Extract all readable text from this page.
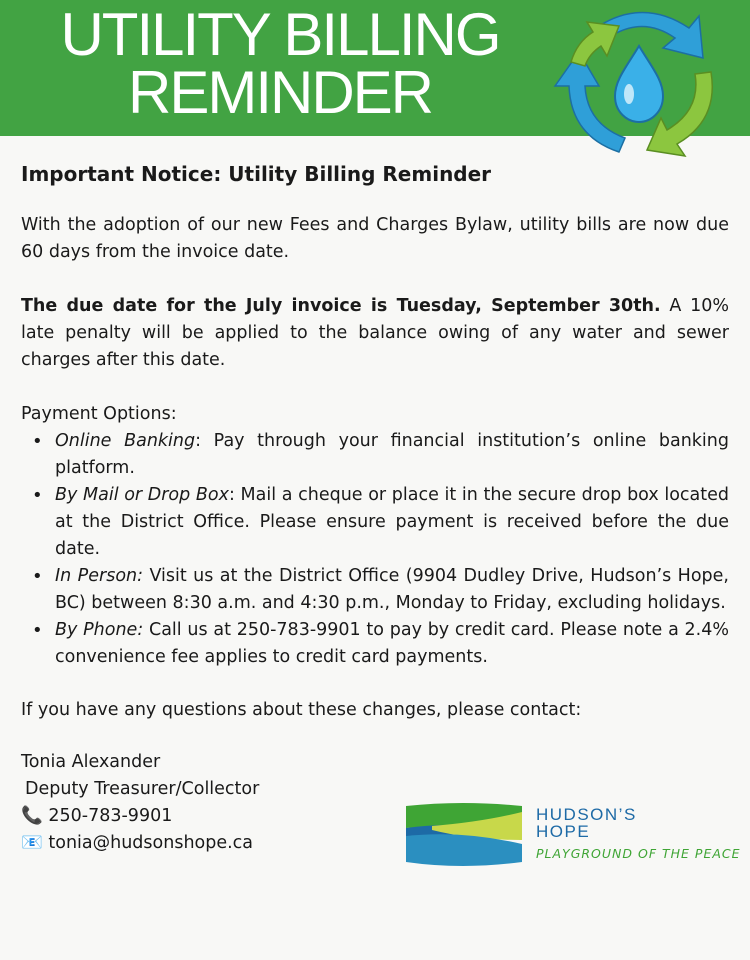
UTILITY BILLING
REMINDER
Important Notice: Utility Billing Reminder

With the adoption of our new Fees and Charges Bylaw, utility bills are now due 60 days from the invoice date.

The due date for the July invoice is Tuesday, September 30th. A 10% late penalty will be applied to the balance owing of any water and sewer charges after this date.

Payment Options:

• Online Banking: Pay through your financial institution’s online banking platform.
• By Mail or Drop Box: Mail a cheque or place it in the secure drop box located at the District Office. Please ensure payment is received before the due date.
• In Person: Visit us at the District Office (9904 Dudley Drive, Hudson’s Hope, BC) between 8:30 a.m. and 4:30 p.m., Monday to Friday, excluding holidays.
• By Phone: Call us at 250-783-9901 to pay by credit card. Please note a 2.4% convenience fee applies to credit card payments.

If you have any questions about these changes, please contact:

Tonia Alexander
Deputy Treasurer/Collector
📞 250-783-9901
📧 tonia@hudsonshope.ca
HUDSON’S
HOPE
PLAYGROUND OF THE PEACE
